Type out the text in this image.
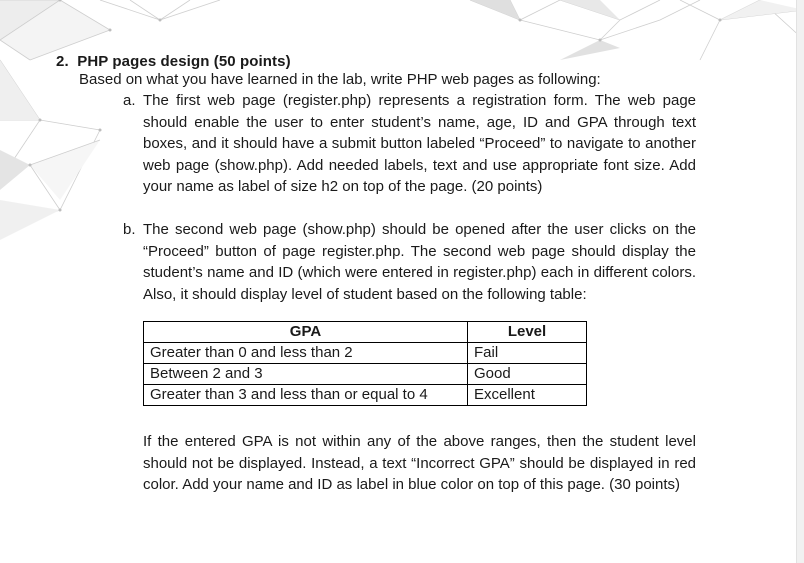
2. PHP pages design (50 points)
Based on what you have learned in the lab, write PHP web pages as following:
a. The first web page (register.php) represents a registration form. The web page should enable the user to enter student’s name, age, ID and GPA through text boxes, and it should have a submit button labeled “Proceed” to navigate to another web page (show.php). Add needed labels, text and use appropriate font size. Add your name as label of size h2 on top of the page. (20 points)

b. The second web page (show.php) should be opened after the user clicks on the “Proceed” button of page register.php. The second web page should display the student’s name and ID (which were entered in register.php) each in different colors. Also, it should display level of student based on the following table:

GPA	Level
Greater than 0 and less than 2	Fail
Between 2 and 3	Good
Greater than 3 and less than or equal to 4	Excellent
If the entered GPA is not within any of the above ranges, then the student level should not be displayed. Instead, a text “Incorrect GPA” should be displayed in red color. Add your name and ID as label in blue color on top of this page. (30 points)
